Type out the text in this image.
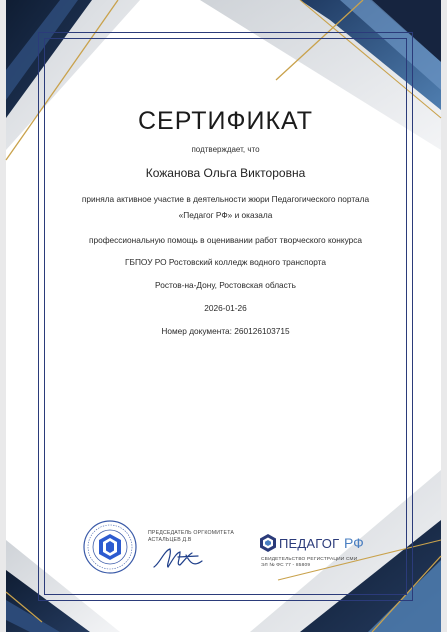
СЕРТИФИКАТ
подтверждает, что
Кожанова Ольга Викторовна
приняла активное участие в деятельности жюри Педагогического портала
«Педагог РФ» и оказала
профессиональную помощь в оценивании работ творческого конкурса
ГБПОУ РО Ростовский колледж водного транспорта
Ростов-на-Дону, Ростовская область
2026-01-26
Номер документа: 260126103715
ПРЕДСЕДАТЕЛЬ ОРГКОМИТЕТА
АСТАЛЬЦЕВ Д.В	ПЕДАГОГ РФ
СВИДЕТЕЛЬСТВО РЕГИСТРАЦИИ СМИ
ЭЛ № ФС 77 - 85809
